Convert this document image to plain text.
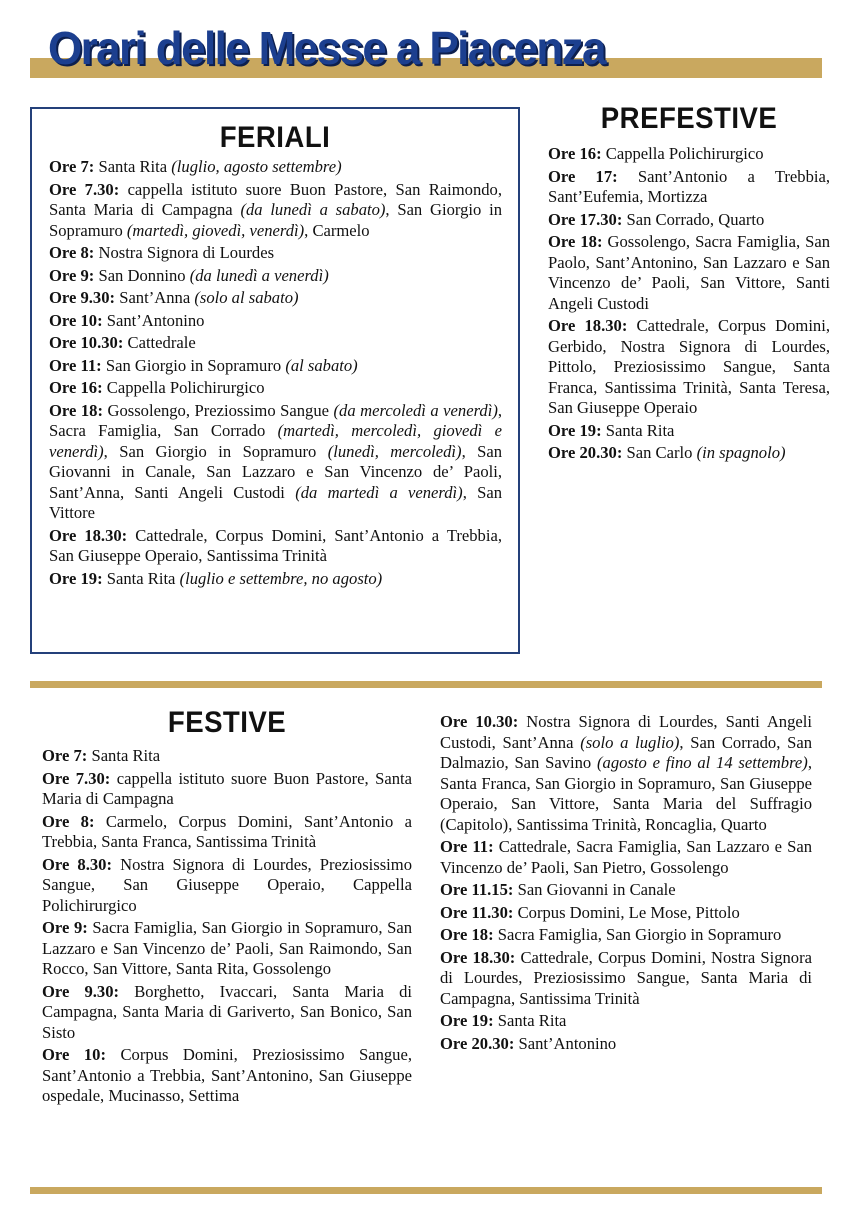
Orari delle Messe a Piacenza
FERIALI
Ore 7: Santa Rita (luglio, agosto settembre)
Ore 7.30: cappella istituto suore Buon Pastore, San Raimondo, Santa Maria di Campagna (da lunedì a sabato), San Giorgio in Sopramuro (martedì, giovedì, venerdì), Carmelo
Ore 8: Nostra Signora di Lourdes
Ore 9: San Donnino (da lunedì a venerdì)
Ore 9.30: Sant’Anna (solo al sabato)
Ore 10: Sant’Antonino
Ore 10.30: Cattedrale
Ore 11: San Giorgio in Sopramuro (al sabato)
Ore 16: Cappella Polichirurgico
Ore 18: Gossolengo, Preziossimo Sangue (da mercoledì a venerdì), Sacra Famiglia, San Corrado (martedì, mercoledì, giovedì e venerdì), San Giorgio in Sopramuro (lunedì, mercoledì), San Giovanni in Canale, San Lazzaro e San Vincenzo de’ Paoli, Sant’Anna, Santi Angeli Custodi (da martedì a venerdì), San Vittore
Ore 18.30: Cattedrale, Corpus Domini, Sant’Antonio a Trebbia, San Giuseppe Operaio, Santissima Trinità
Ore 19: Santa Rita (luglio e settembre, no agosto)
PREFESTIVE
Ore 16: Cappella Polichirurgico
Ore 17: Sant’Antonio a Trebbia, Sant’Eufemia, Mortizza
Ore 17.30: San Corrado, Quarto
Ore 18: Gossolengo, Sacra Famiglia, San Paolo, Sant’Antonino, San Lazzaro e San Vincenzo de’ Paoli, San Vittore, Santi Angeli Custodi
Ore 18.30: Cattedrale, Corpus Domini, Gerbido, Nostra Signora di Lourdes, Pittolo, Preziosissimo Sangue, Santa Franca, Santissima Trinità, Santa Teresa, San Giuseppe Operaio
Ore 19: Santa Rita
Ore 20.30: San Carlo (in spagnolo)
FESTIVE
Ore 7: Santa Rita
Ore 7.30: cappella istituto suore Buon Pastore, Santa Maria di Campagna
Ore 8: Carmelo, Corpus Domini, Sant’Antonio a Trebbia, Santa Franca, Santissima Trinità
Ore 8.30: Nostra Signora di Lourdes, Preziosissimo Sangue, San Giuseppe Operaio, Cappella Polichirurgico
Ore 9: Sacra Famiglia, San Giorgio in Sopramuro, San Lazzaro e San Vincenzo de’ Paoli, San Raimondo, San Rocco, San Vittore, Santa Rita, Gossolengo
Ore 9.30: Borghetto, Ivaccari, Santa Maria di Campagna, Santa Maria di Gariverto, San Bonico, San Sisto
Ore 10: Corpus Domini, Preziosissimo Sangue, Sant’Antonio a Trebbia, Sant’Antonino, San Giuseppe ospedale, Mucinasso, Settima
Ore 10.30: Nostra Signora di Lourdes, Santi Angeli Custodi, Sant’Anna (solo a luglio), San Corrado, San Dalmazio, San Savino (agosto e fino al 14 settembre), Santa Franca, San Giorgio in Sopramuro, San Giuseppe Operaio, San Vittore, Santa Maria del Suffragio (Capitolo), Santissima Trinità, Roncaglia, Quarto
Ore 11: Cattedrale, Sacra Famiglia, San Lazzaro e San Vincenzo de’ Paoli, San Pietro, Gossolengo
Ore 11.15: San Giovanni in Canale
Ore 11.30: Corpus Domini, Le Mose, Pittolo
Ore 18: Sacra Famiglia, San Giorgio in Sopramuro
Ore 18.30: Cattedrale, Corpus Domini, Nostra Signora di Lourdes, Preziosissimo Sangue, Santa Maria di Campagna, Santissima Trinità
Ore 19: Santa Rita
Ore 20.30: Sant’Antonino
